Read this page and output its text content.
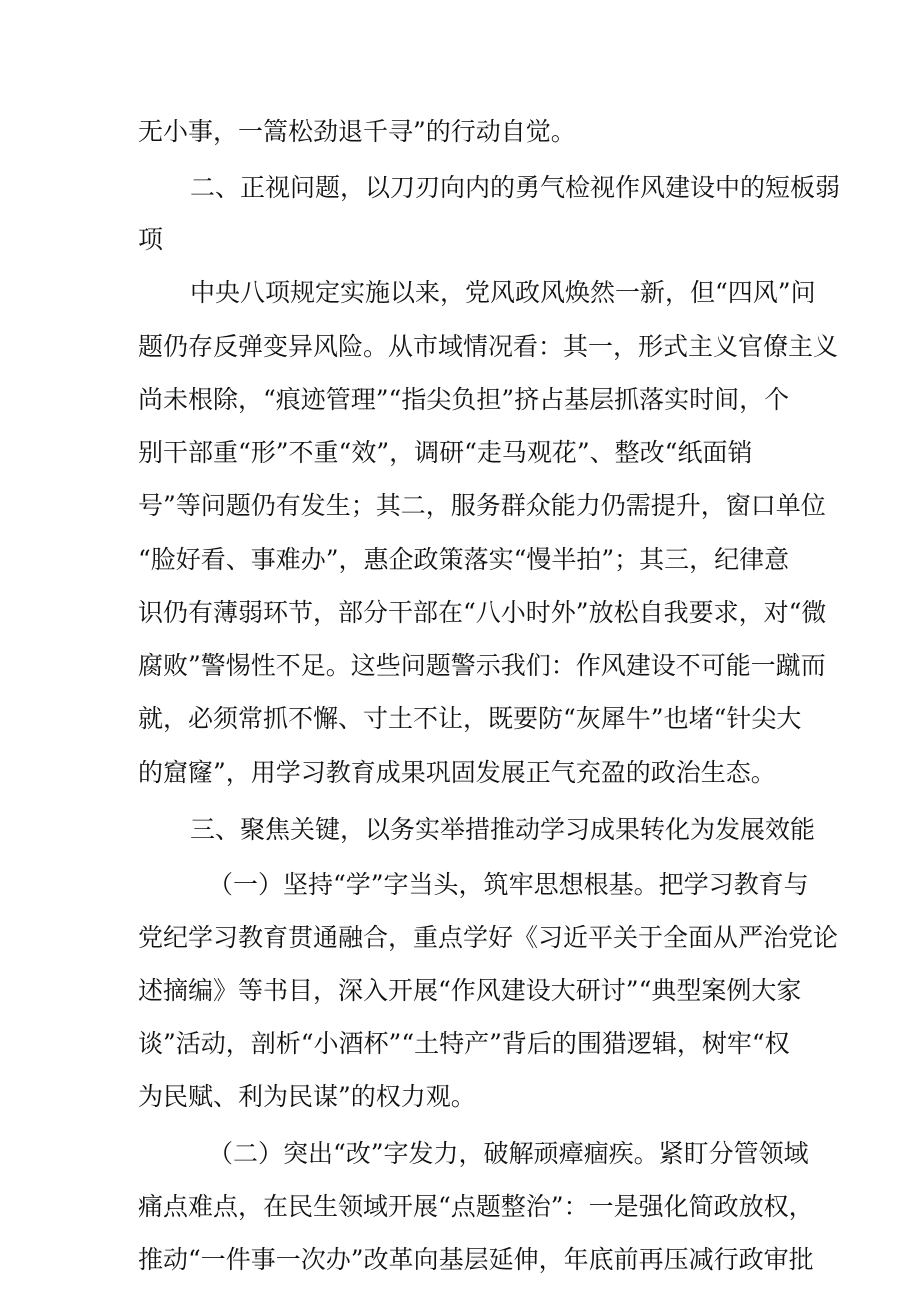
无小事，一篙松劲退千寻”的行动自觉。

二、正视问题，以刀刃向内的勇气检视作风建设中的短板弱

项

中央八项规定实施以来，党风政风焕然一新，但“四风”问

题仍存反弹变异风险。从市域情况看：其一，形式主义官僚主义

尚未根除，“痕迹管理”“指尖负担”挤占基层抓落实时间，个

别干部重“形”不重“效”，调研“走马观花”、整改“纸面销

号”等问题仍有发生；其二，服务群众能力仍需提升，窗口单位

“脸好看、事难办”，惠企政策落实“慢半拍”；其三，纪律意

识仍有薄弱环节，部分干部在“八小时外”放松自我要求，对“微

腐败”警惕性不足。这些问题警示我们：作风建设不可能一蹴而

就，必须常抓不懈、寸土不让，既要防“灰犀牛”也堵“针尖大

的窟窿”，用学习教育成果巩固发展正气充盈的政治生态。

三、聚焦关键，以务实举措推动学习成果转化为发展效能

（一）坚持“学”字当头，筑牢思想根基。把学习教育与

党纪学习教育贯通融合，重点学好《习近平关于全面从严治党论

述摘编》等书目，深入开展“作风建设大研讨”“典型案例大家

谈”活动，剖析“小酒杯”“土特产”背后的围猎逻辑，树牢“权

为民赋、利为民谋”的权力观。

（二）突出“改”字发力，破解顽瘴痼疾。紧盯分管领域

痛点难点，在民生领域开展“点题整治”：一是强化简政放权，

推动“一件事一次办”改革向基层延伸，年底前再压减行政审批
